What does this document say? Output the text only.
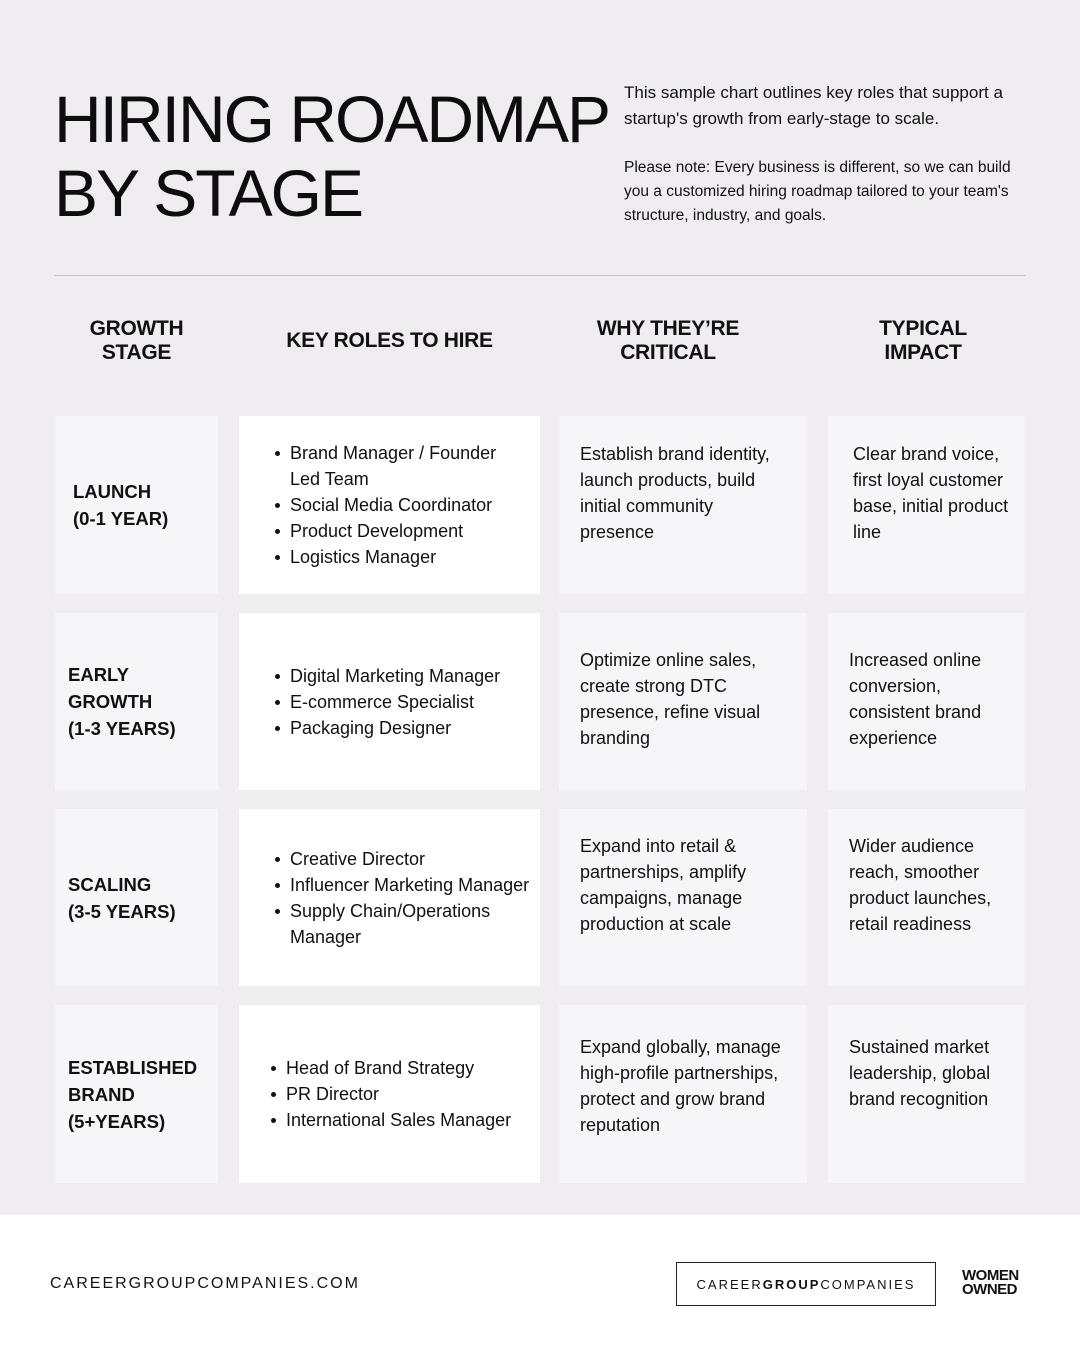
HIRING ROADMAP
BY STAGE

This sample chart outlines key roles that support a startup's growth from early-stage to scale.

Please note: Every business is different, so we can build you a customized hiring roadmap tailored to your team's structure, industry, and goals.

GROWTH
STAGE
KEY ROLES TO HIRE
WHY THEY’RE
CRITICAL
TYPICAL
IMPACT
LAUNCH
(0-1 YEAR)
Brand Manager / Founder Led Team
Social Media Coordinator
Product Development
Logistics Manager
Establish brand identity, launch products, build initial community presence
Clear brand voice, first loyal customer base, initial product line
EARLY
GROWTH
(1-3 YEARS)
Digital Marketing Manager
E-commerce Specialist
Packaging Designer
Optimize online sales, create strong DTC presence, refine visual branding
Increased online conversion, consistent brand experience
SCALING
(3-5 YEARS)
Creative Director
Influencer Marketing Manager
Supply Chain/Operations Manager
Expand into retail & partnerships, amplify campaigns, manage production at scale
Wider audience reach, smoother product launches, retail readiness
ESTABLISHED
BRAND
(5+YEARS)
Head of Brand Strategy
PR Director
International Sales Manager
Expand globally, manage high-profile partnerships, protect and grow brand reputation
Sustained market leadership, global brand recognition
CAREERGROUPCOMPANIES.COM	CAREER GROUP COMPANIES	WOMEN
OWNED
